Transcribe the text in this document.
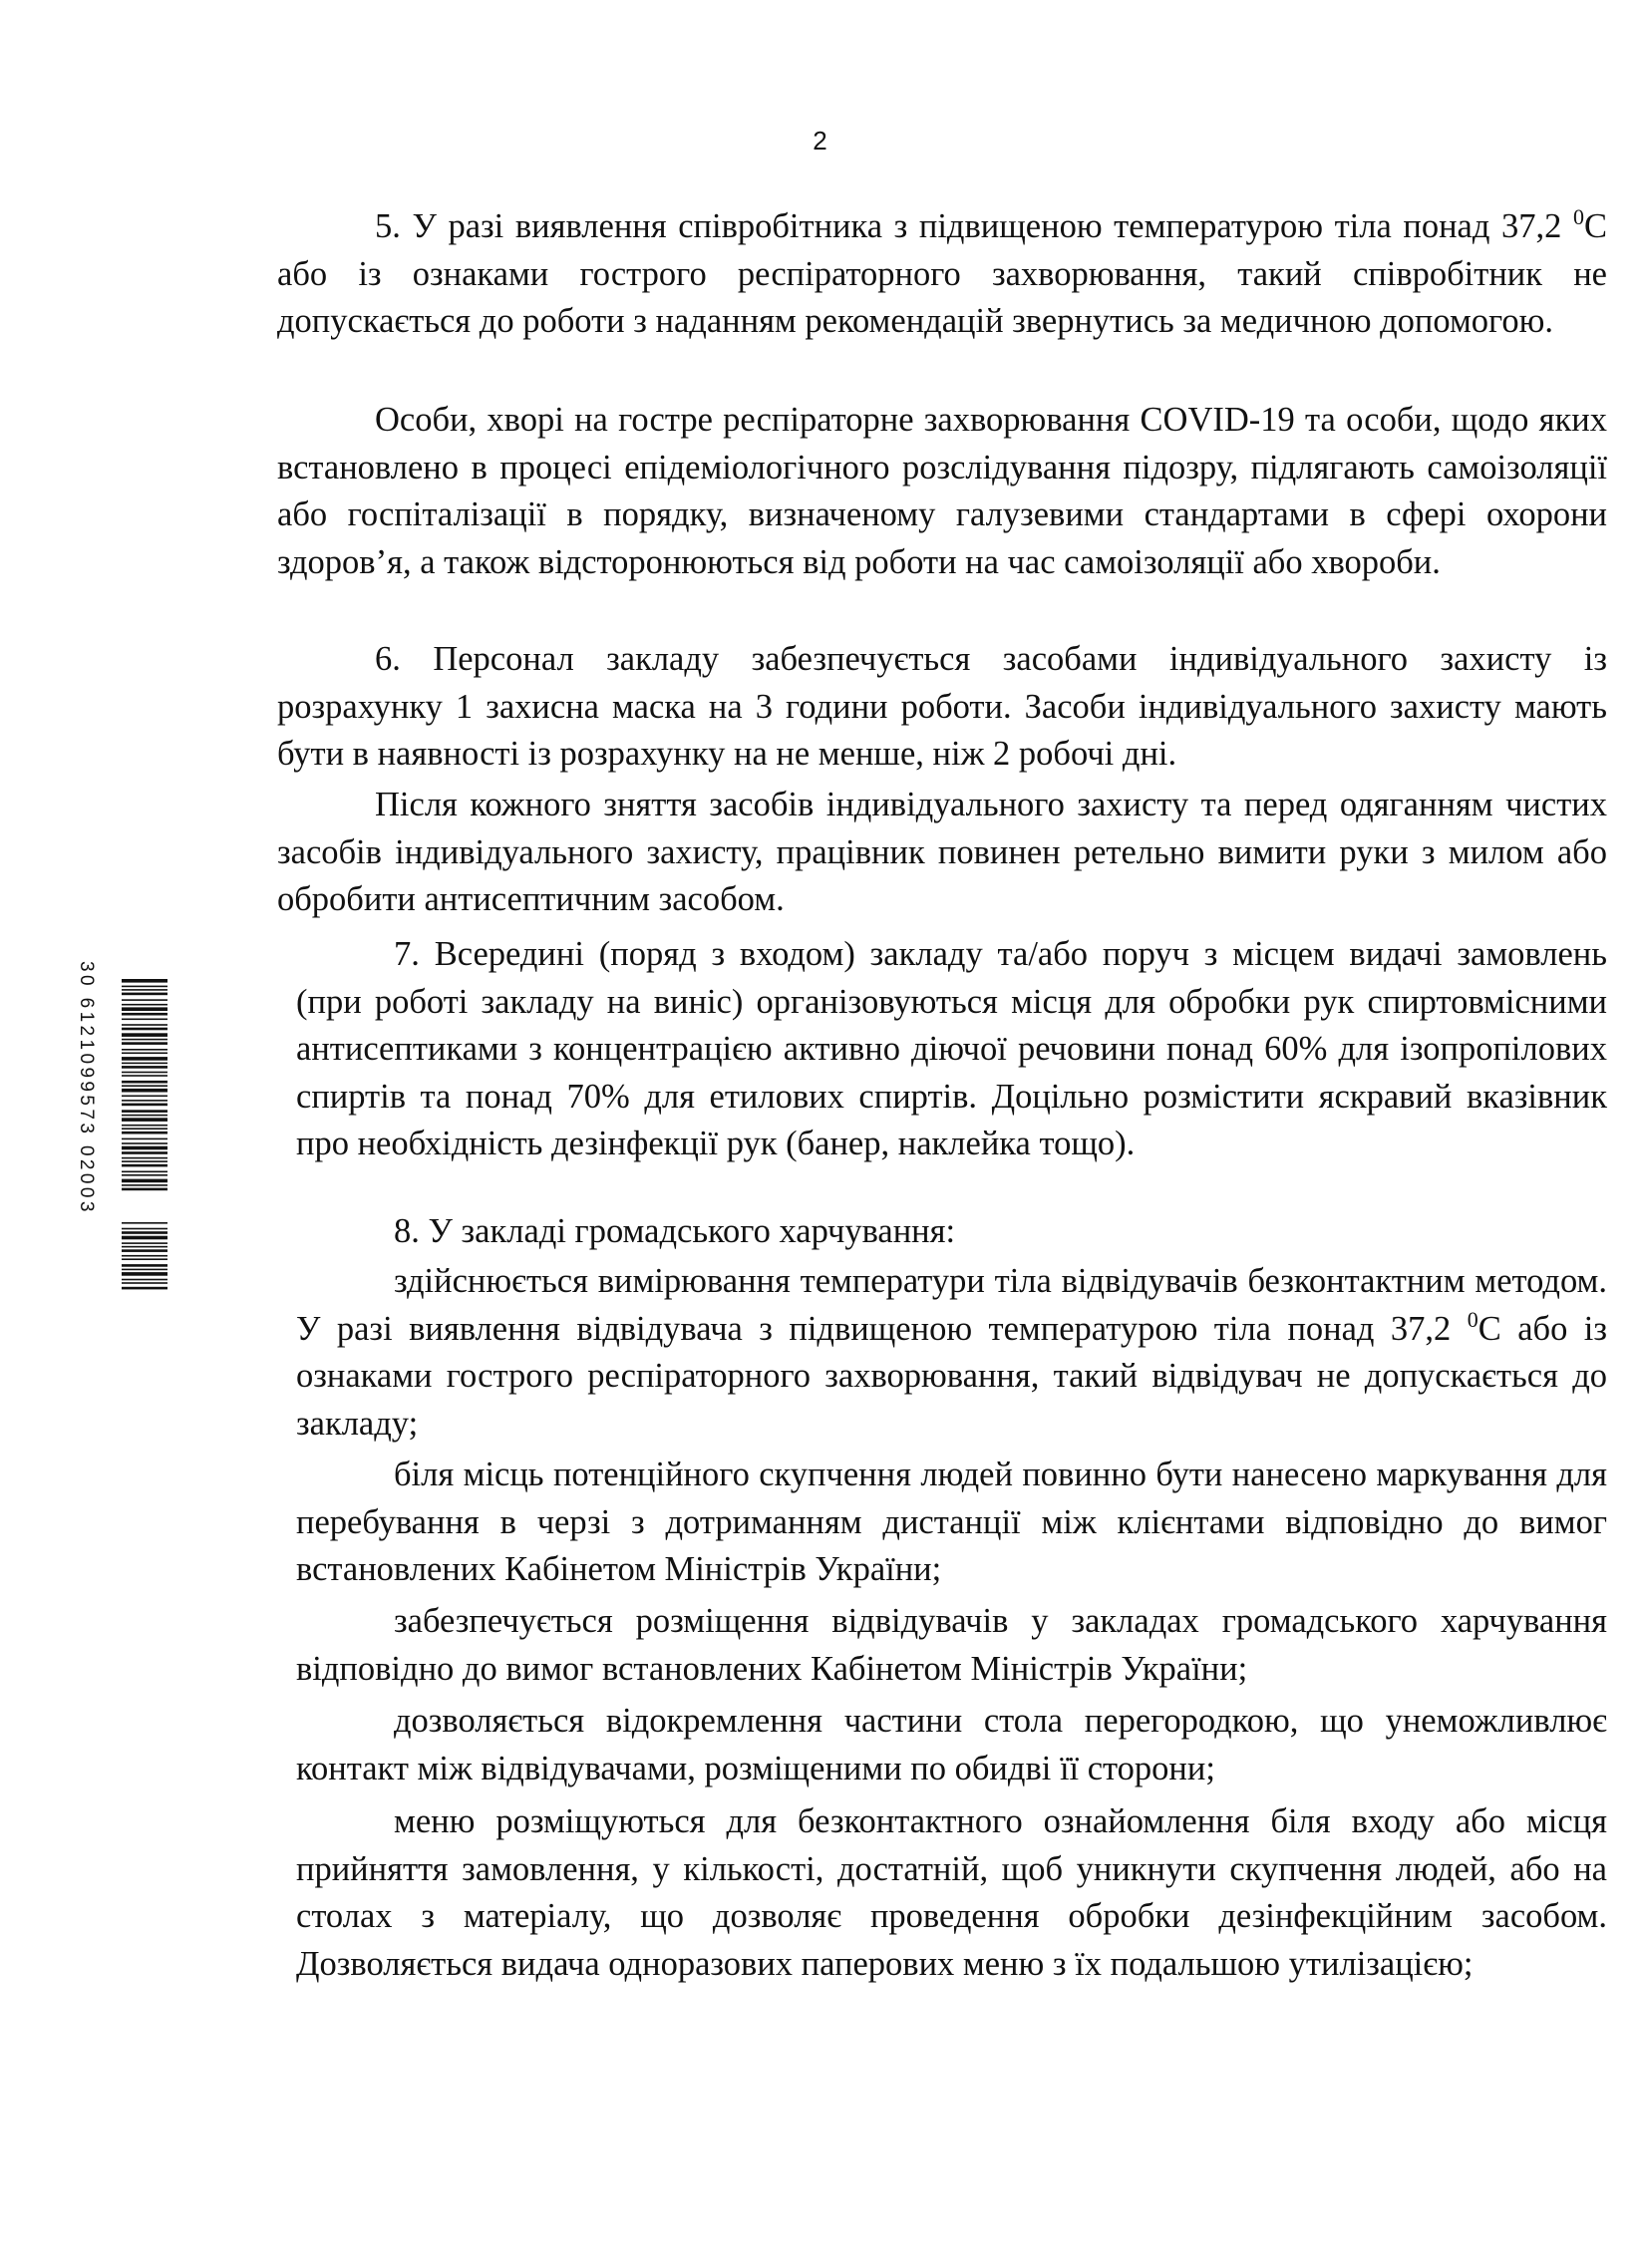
2

5. У разі виявлення співробітника з підвищеною температурою тіла понад 37,2 $^0$С або із ознаками гострого респіраторного захворювання, такий співробітник не допускається до роботи з наданням рекомендацій звернутись за медичною допомогою.

Особи, хворі на гостре респіраторне захворювання COVID-19 та особи, щодо яких встановлено в процесі епідеміологічного розслідування підозру, підлягають самоізоляції або госпіталізації в порядку, визначеному галузевими стандартами в сфері охорони здоров’я, а також відсторонюються від роботи на час самоізоляції або хвороби.

6. Персонал закладу забезпечується засобами індивідуального захисту із розрахунку 1 захисна маска на 3 години роботи. Засоби індивідуального захисту мають бути в наявності із розрахунку на не менше, ніж 2 робочі дні.

Після кожного зняття засобів індивідуального захисту та перед одяганням чистих засобів індивідуального захисту, працівник повинен ретельно вимити руки з милом або обробити антисептичним засобом.

7. Всередині (поряд з входом) закладу та/або поруч з місцем видачі замовлень (при роботі закладу на виніс) організовуються місця для обробки рук спиртовмісними антисептиками з концентрацією активно діючої речовини понад 60% для ізопропілових спиртів та понад 70% для етилових спиртів. Доцільно розмістити яскравий вказівник про необхідність дезінфекції рук (банер, наклейка тощо).

8. У закладі громадського харчування:

здійснюється вимірювання температури тіла відвідувачів безконтактним методом. У разі виявлення відвідувача з підвищеною температурою тіла понад 37,2 $^0$С або із ознаками гострого респіраторного захворювання, такий відвідувач не допускається до закладу;

біля місць потенційного скупчення людей повинно бути нанесено маркування для перебування в черзі з дотриманням дистанції між клієнтами відповідно до вимог встановлених Кабінетом Міністрів України;

забезпечується розміщення відвідувачів у закладах громадського харчування відповідно до вимог встановлених Кабінетом Міністрів України;

дозволяється відокремлення частини стола перегородкою, що унеможливлює контакт між відвідувачами, розміщеними по обидві її сторони;

меню розміщуються для безконтактного ознайомлення біля входу або місця прийняття замовлення, у кількості, достатній, щоб уникнути скупчення людей, або на столах з матеріалу, що дозволяє проведення обробки дезінфекційним засобом. Дозволяється видача одноразових паперових меню з їх подальшою утилізацією;

30 6121099573 02003
